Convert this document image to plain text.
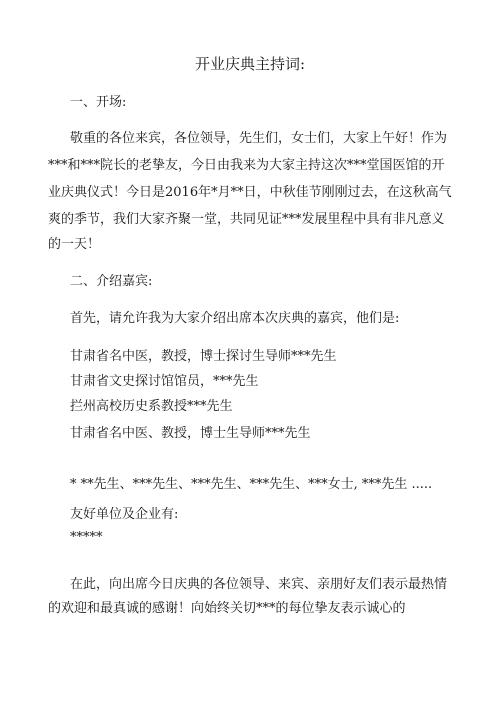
开业庆典主持词:
一、开场:
敬重的各位来宾，各位领导，先生们，女士们，大家上午好！作为
***和***院长的老挚友，今日由我来为大家主持这次***堂国医馆的开
业庆典仪式！今日是2016年*月**日，中秋佳节刚刚过去，在这秋高气
爽的季节，我们大家齐聚一堂，共同见证***发展里程中具有非凡意义
的一天！
二、介绍嘉宾:
首先，请允许我为大家介绍出席本次庆典的嘉宾，他们是:
甘肃省名中医，教授，博士探讨生导师***先生
甘肃省文史探讨馆馆员，***先生
拦州高校历史系教授***先生
甘肃省名中医、教授，博士生导师***先生
* **先生、***先生、***先生、***先生、***女士, ***先生 .....
友好单位及企业有:
*****
在此，向出席今日庆典的各位领导、来宾、亲朋好友们表示最热情
的欢迎和最真诚的感谢！向始终关切***的每位挚友表示诚心的
